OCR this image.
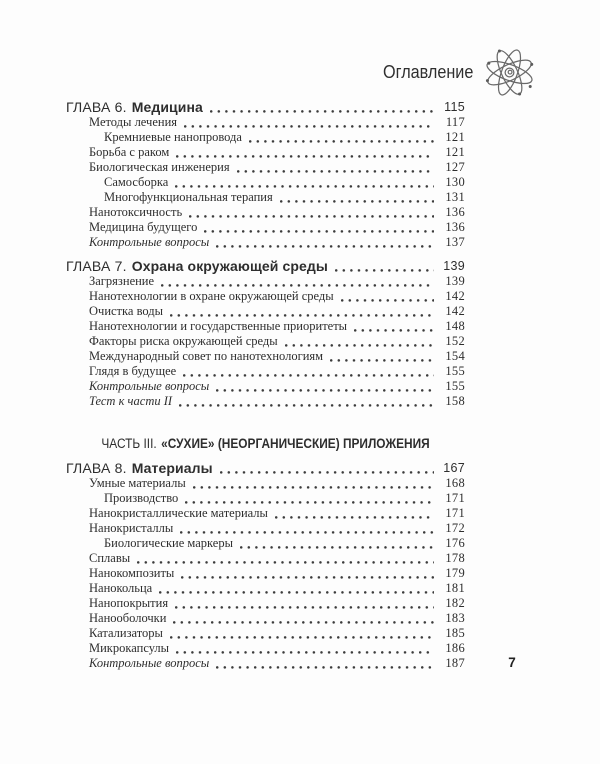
Оглавление
ГЛАВА 6. Медицина	115
Методы лечения	117
Кремниевые нанопровода	121
Борьба с раком	121
Биологическая инженерия	127
Самосборка	130
Многофункциональная терапия	131
Нанотоксичность	136
Медицина будущего	136
Контрольные вопросы	137
ГЛАВА 7. Охрана окружающей среды	139
Загрязнение	139
Нанотехнологии в охране окружающей среды	142
Очистка воды	142
Нанотехнологии и государственные приоритеты	148
Факторы риска окружающей среды	152
Международный совет по нанотехнологиям	154
Глядя в будущее	155
Контрольные вопросы	155
Тест к части II	158
ЧАСТЬ III. «СУХИЕ» (НЕОРГАНИЧЕСКИЕ) ПРИЛОЖЕНИЯ
ГЛАВА 8. Материалы	167
Умные материалы	168
Производство	171
Нанокристаллические материалы	171
Нанокристаллы	172
Биологические маркеры	176
Сплавы	178
Нанокомпозиты	179
Нанокольца	181
Нанопокрытия	182
Нанооболочки	183
Катализаторы	185
Микрокапсулы	186
Контрольные вопросы	187	7
